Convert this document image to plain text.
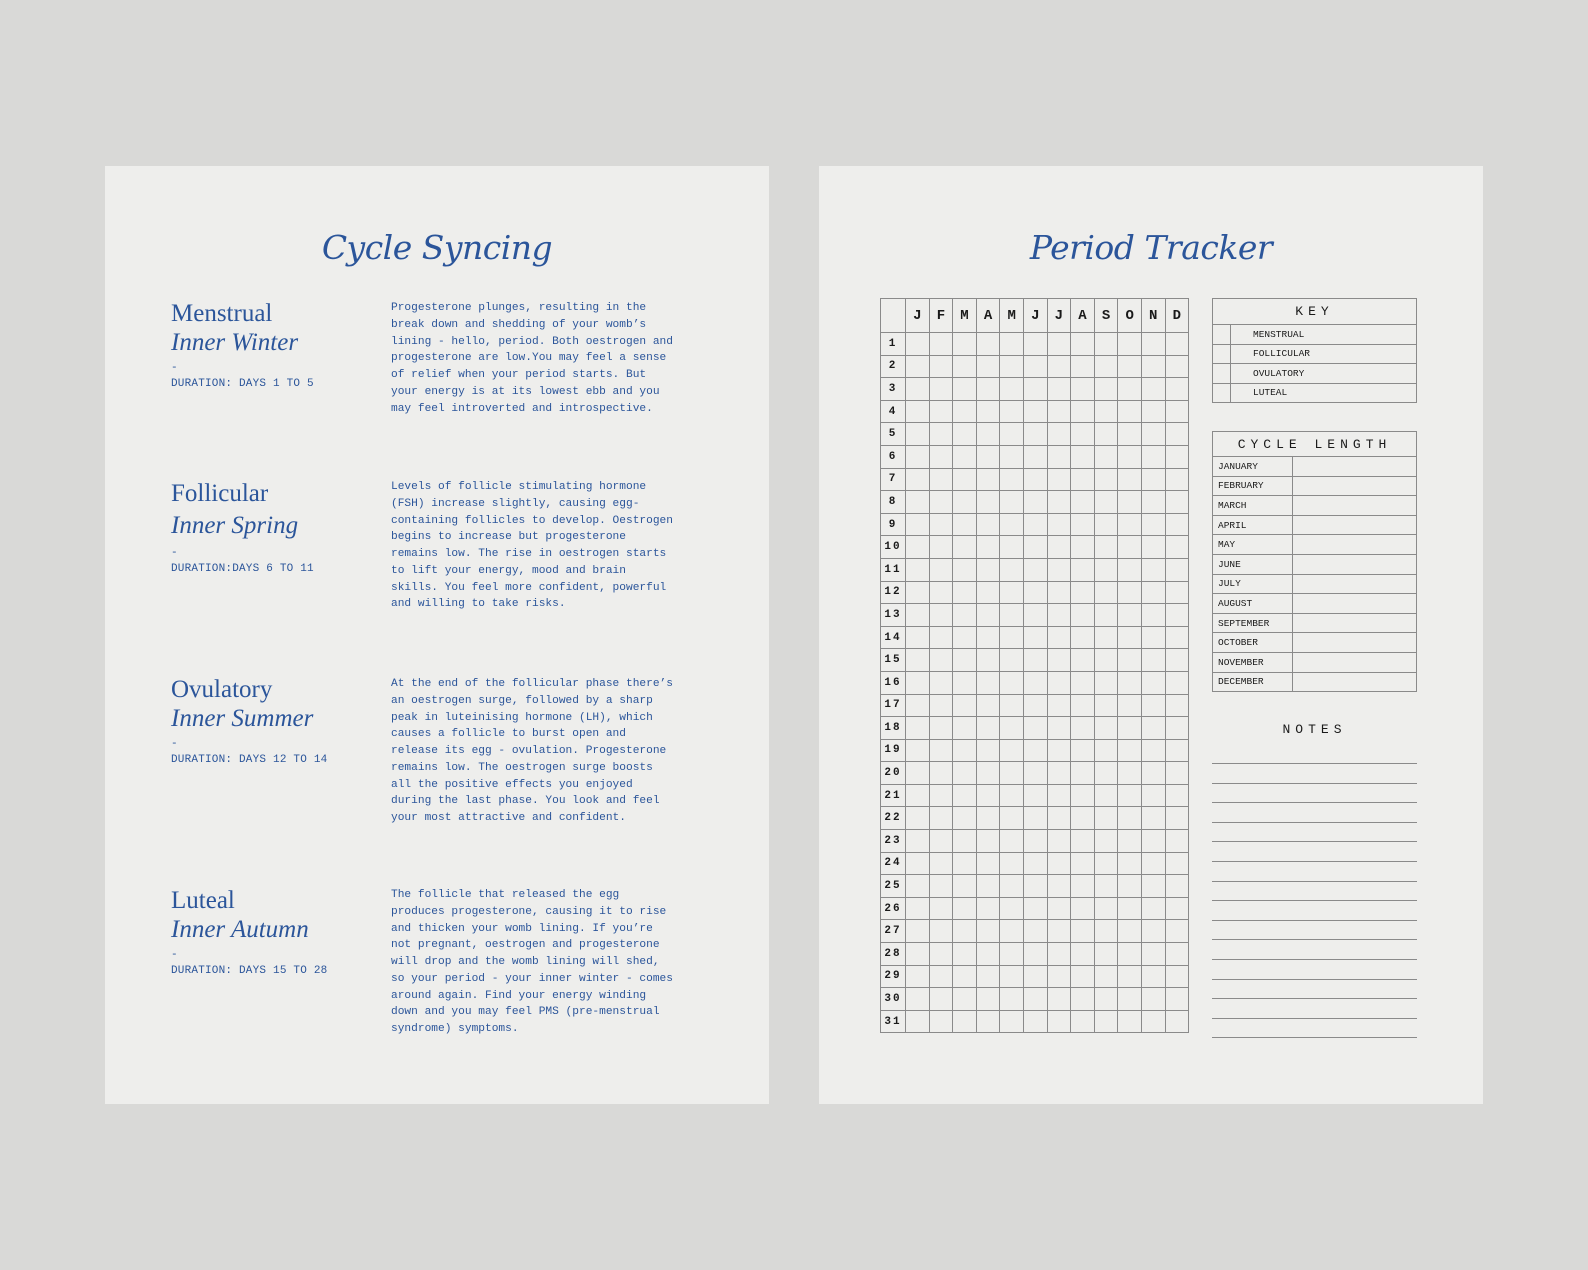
Cycle Syncing
Menstrual
Inner Winter
-
DURATION: DAYS 1 TO 5
Progesterone plunges, resulting in the
break down and shedding of your womb’s
lining - hello, period. Both oestrogen and
progesterone are low.You may feel a sense
of relief when your period starts. But
your energy is at its lowest ebb and you
may feel introverted and introspective.
Follicular
Inner Spring
-
DURATION:DAYS 6 TO 11
Levels of follicle stimulating hormone
(FSH) increase slightly, causing egg-
containing follicles to develop. Oestrogen
begins to increase but progesterone
remains low. The rise in oestrogen starts
to lift your energy, mood and brain
skills. You feel more confident, powerful
and willing to take risks.
Ovulatory
Inner Summer
-
DURATION: DAYS 12 TO 14
At the end of the follicular phase there’s
an oestrogen surge, followed by a sharp
peak in luteinising hormone (LH), which
causes a follicle to burst open and
release its egg - ovulation. Progesterone
remains low. The oestrogen surge boosts
all the positive effects you enjoyed
during the last phase. You look and feel
your most attractive and confident.
Luteal
Inner Autumn
-
DURATION: DAYS 15 TO 28
The follicle that released the egg
produces progesterone, causing it to rise
and thicken your womb lining. If you’re
not pregnant, oestrogen and progesterone
will drop and the womb lining will shed,
so your period - your inner winter - comes
around again. Find your energy winding
down and you may feel PMS (pre-menstrual
syndrome) symptoms.
Period Tracker
	J	F	M	A	M	J	J	A	S	O	N	D
1												
2												
3												
4												
5												
6												
7												
8												
9												
10												
11												
12												
13												
14												
15												
16												
17												
18												
19												
20												
21												
22												
23												
24												
25												
26												
27												
28												
29												
30												
31												
KEY	
	MENSTRUAL
	FOLLICULAR
	OVULATORY
	LUTEAL
CYCLE LENGTH	
JANUARY	
FEBRUARY	
MARCH	
APRIL	
MAY	
JUNE	
JULY	
AUGUST	
SEPTEMBER	
OCTOBER	
NOVEMBER	
DECEMBER	
NOTES
